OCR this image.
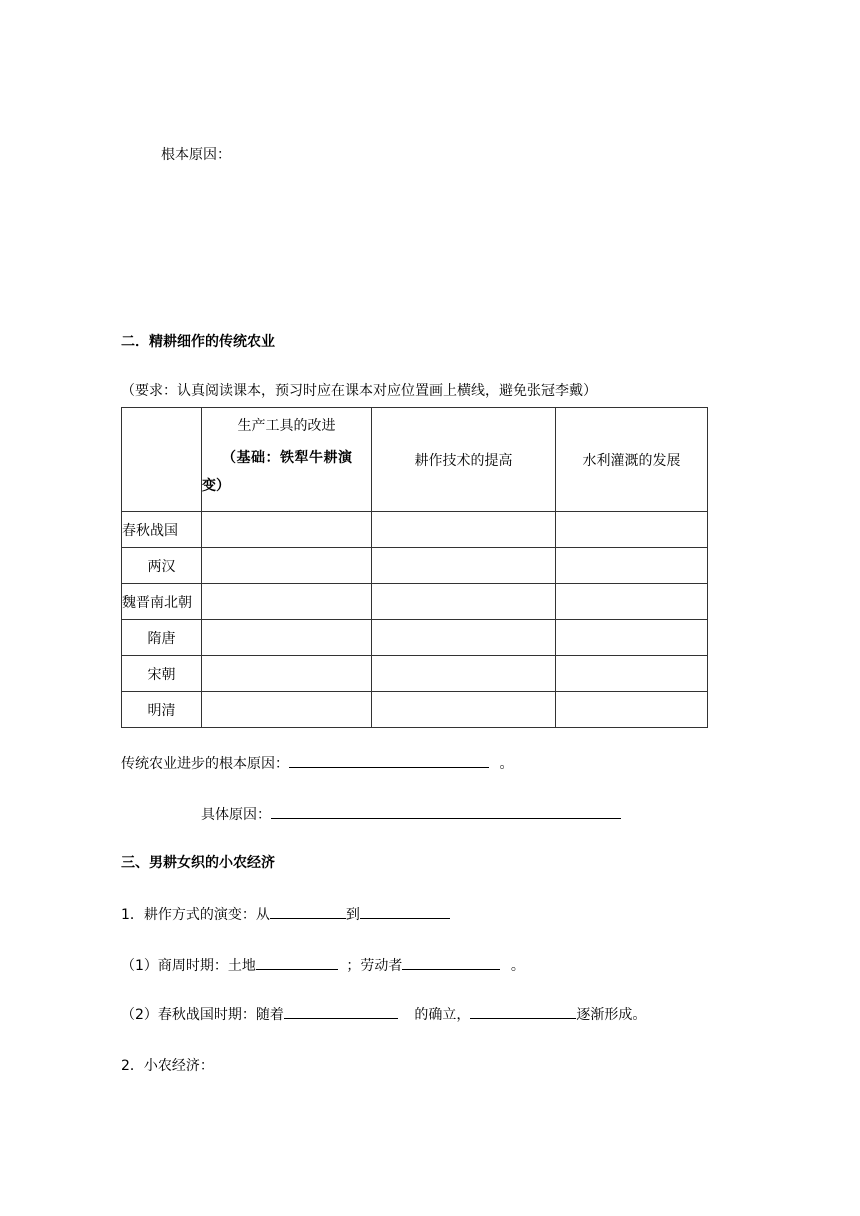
根本原因：
二．精耕细作的传统农业
（要求：认真阅读课本，预习时应在课本对应位置画上横线，避免张冠李戴）

	生产工具的改进
（基础：铁犁牛耕演
变）	耕作技术的提高	水利灌溉的发展
春秋战国			
两汉			
魏晋南北朝			
隋唐			
宋朝			
明清			
传统农业进步的根本原因：	。
具体原因：
三、男耕女织的小农经济
1．耕作方式的演变：从	到
（1）商周时期：土地	；劳动者	。
（2）春秋战国时期：随着	的确立，	逐渐形成。
2．小农经济：
